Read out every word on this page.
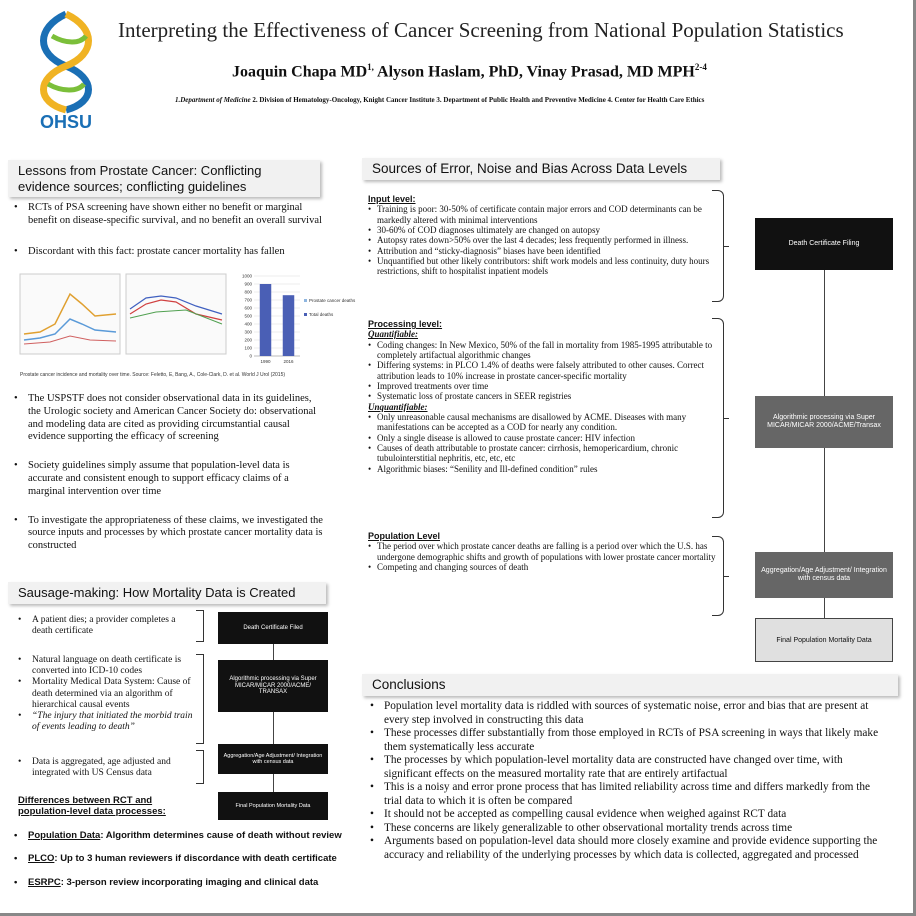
OHSU
Interpreting the Effectiveness of Cancer Screening from National Population Statistics
Joaquin Chapa $MD^{1,}$ Alyson Haslam, PhD, Vinay Prasad, MD MPH$^{2-4}$
1.Department of Medicine 2. Division of Hematology-Oncology, Knight Cancer Institute 3. Department of Public Health and Preventive Medicine 4. Center for Health Care Ethics
Lessons from Prostate Cancer: Conflicting evidence sources; conflicting guidelines
• RCTs of PSA screening have shown either no benefit or marginal benefit on disease-specific survival, and no benefit an overall survival
• Discordant with this fact: prostate cancer mortality has fallen
1000
900
800
700
600
500
400
300
200
100
0
1990	2016
Prostate cancer deaths
Total deaths
Prostate cancer incidence and mortality over time. Source: Feletto, E, Bang, A., Cole-Clark, D. et al. World J Urol (2015)
• The USPSTF does not consider observational data in its guidelines, the Urologic society and American Cancer Society do: observational and modeling data are cited as providing circumstantial causal evidence supporting the efficacy of screening
• Society guidelines simply assume that population-level data is accurate and consistent enough to support efficacy claims of a marginal intervention over time
• To investigate the appropriateness of these claims, we investigated the source inputs and processes by which prostate cancer mortality data is constructed
Sausage-making: How Mortality Data is Created
• A patient dies; a provider completes a death certificate
• Natural language on death certificate is converted into ICD-10 codes
• Mortality Medical Data System: Cause of death determined via an algorithm of hierarchical causal events
• “The injury that initiated the morbid train of events leading to death”
• Data is aggregated, age adjusted and integrated with US Census data
Death Certificate Filed
Algorithmic processing via Super MICAR/MICAR 2000/ACME/ TRANSAX
Aggregation/Age Adjustment/ Integration with census data
Final Population Mortality Data
Differences between RCT and population-level data processes:
• Population Data: Algorithm determines cause of death without review
• PLCO: Up to 3 human reviewers if discordance with death certificate
• ESRPC: 3-person review incorporating imaging and clinical data
Sources of Error, Noise and Bias Across Data Levels
Input level:
• Training is poor: 30-50% of certificate contain major errors and COD determinants can be markedly altered with minimal interventions
• 30-60% of COD diagnoses ultimately are changed on autopsy
• Autopsy rates down>50% over the last 4 decades; less frequently performed in illness.
• Attribution and “sticky-diagnosis” biases have been identified
• Unquantified but other likely contributors: shift work models and less continuity, duty hours restrictions, shift to hospitalist inpatient models
Processing level:
Quantifiable:
• Coding changes: In New Mexico, 50% of the fall in mortality from 1985-1995 attributable to completely artifactual algorithmic changes
• Differing systems: in PLCO 1.4% of deaths were falsely attributed to other causes. Correct attribution leads to 10% increase in prostate cancer-specific mortality
• Improved treatments over time
• Systematic loss of prostate cancers in SEER registries
Unquantifiable:
• Only unreasonable causal mechanisms are disallowed by ACME. Diseases with many manifestations can be accepted as a COD for nearly any condition.
• Only a single disease is allowed to cause prostate cancer: HIV infection
• Causes of death attributable to prostate cancer: cirrhosis, hemopericardium, chronic tubulointerstitial nephritis, etc, etc, etc
• Algorithmic biases: “Senility and Ill-defined condition” rules
Population Level
• The period over which prostate cancer deaths are falling is a period over which the U.S. has undergone demographic shifts and growth of populations with lower prostate cancer mortality
• Competing and changing sources of death
Death Certificate Filing
Algorithmic processing via Super MICAR/MICAR 2000/ACME/Transax
Aggregation/Age Adjustment/ Integration with census data
Final Population Mortality Data
Conclusions
• Population level mortality data is riddled with sources of systematic noise, error and bias that are present at every step involved in constructing this data
• These processes differ substantially from those employed in RCTs of PSA screening in ways that likely make them systematically less accurate
• The processes by which population-level mortality data are constructed have changed over time, with significant effects on the measured mortality rate that are entirely artifactual
• This is a noisy and error prone process that has limited reliability across time and differs markedly from the trial data to which it is often be compared
• It should not be accepted as compelling causal evidence when weighed against RCT data
• These concerns are likely generalizable to other observational mortality trends across time
• Arguments based on population-level data should more closely examine and provide evidence supporting the accuracy and reliability of the underlying processes by which data is collected, aggregated and processed
